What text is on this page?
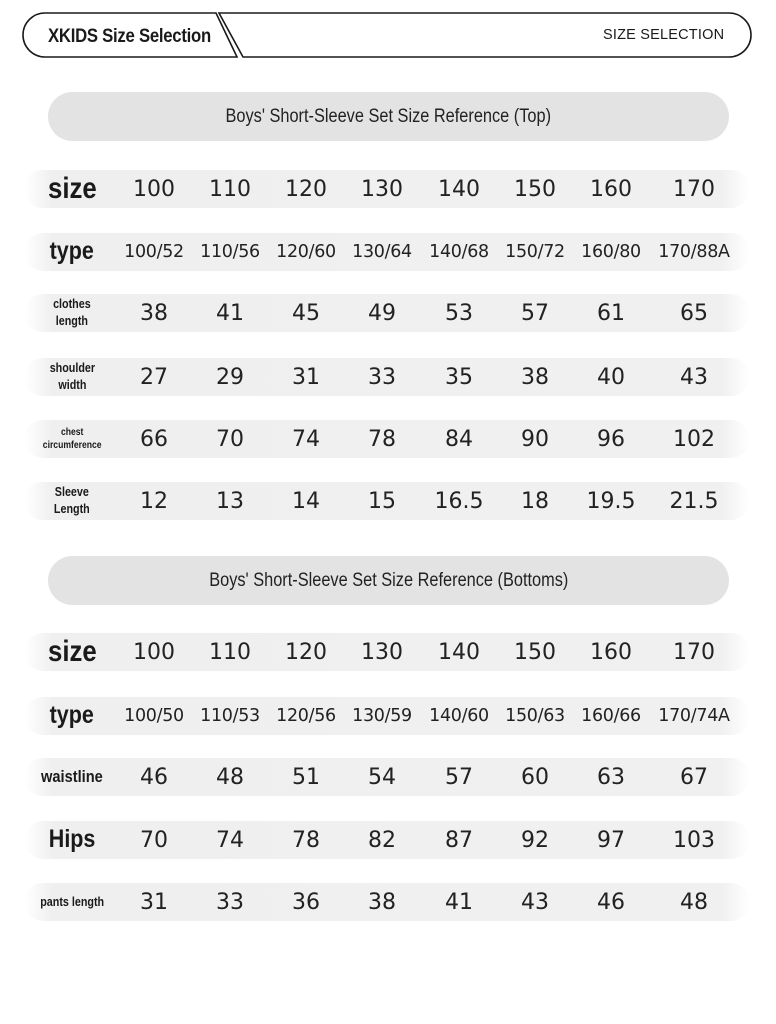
XKIDS Size Selection	SIZE SELECTION
Boys' Short-Sleeve Set Size Reference (Top)
size	100	110	120	130	140	150	160	170
type	100/52 110/56 120/60 130/64 140/68 150/72 160/80 170/88A
clothes
length	38	41	45	49	53	57	61	65
shoulder
width	27	29	31	33	35	38	40	43
chest
circumference	66	70	74	78	84	90	96	102
Sleeve
Length	12	13	14	15	16.5	18	19.5	21.5
Boys' Short-Sleeve Set Size Reference (Bottoms)
size	100	110	120	130	140	150	160	170
type	100/50 110/53 120/56 130/59 140/60 150/63 160/66 170/74A
waistline	46	48	51	54	57	60	63	67
Hips	70	74	78	82	87	92	97	103
pants length	31	33	36	38	41	43	46	48
